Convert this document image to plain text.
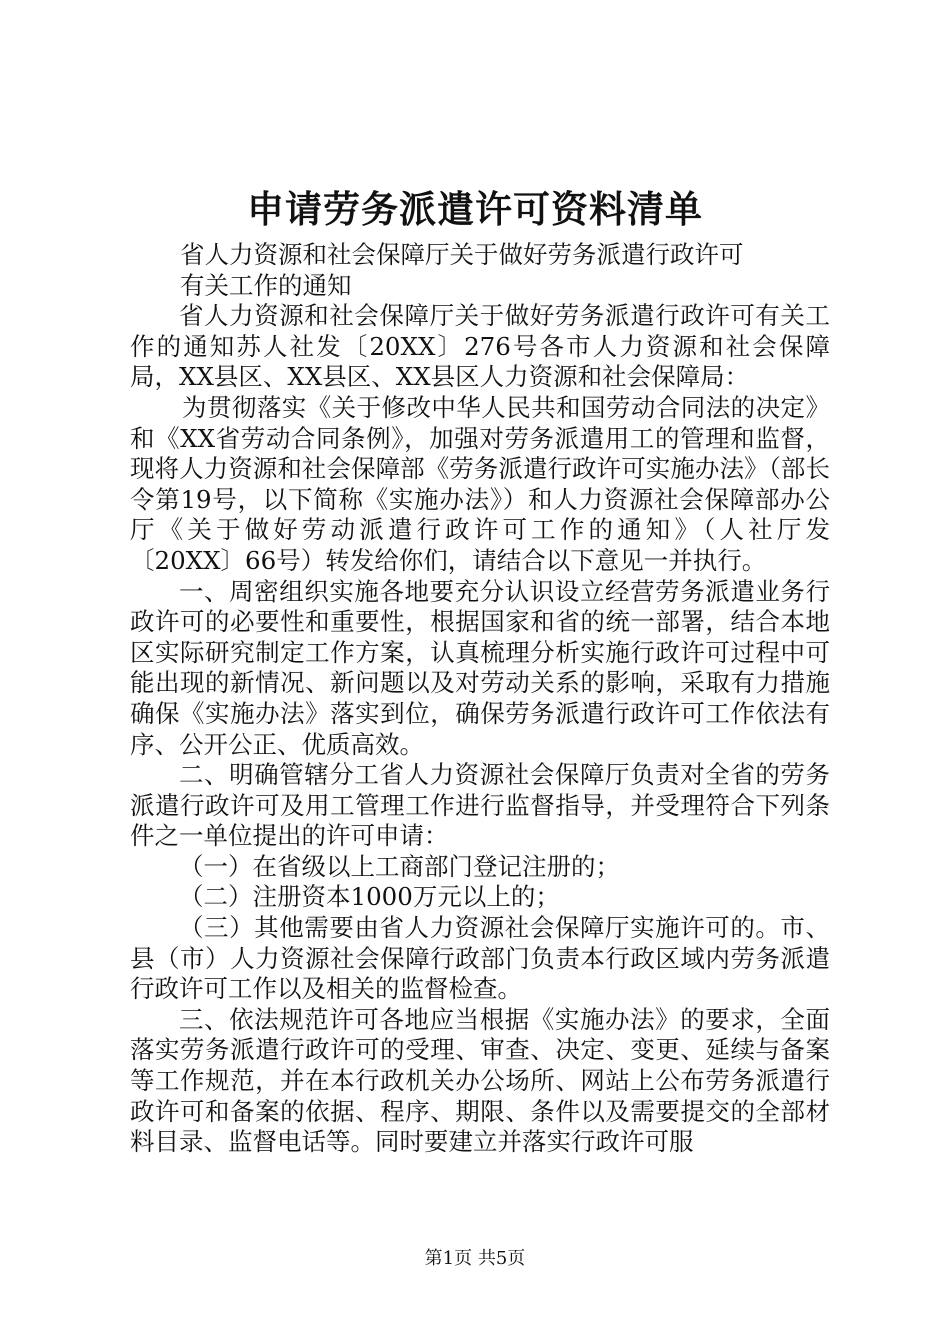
申请劳务派遣许可资料清单

省人力资源和社会保障厅关于做好劳务派遣行政许可

有关工作的通知

省人力资源和社会保障厅关于做好劳务派遣行政许可有关工作的通知苏人社发〔20XX〕276号各市人力资源和社会保障局，XX县区、XX县区、XX县区人力资源和社会保障局：

为贯彻落实《关于修改中华人民共和国劳动合同法的决定》和《XX省劳动合同条例》，加强对劳务派遣用工的管理和监督，现将人力资源和社会保障部《劳务派遣行政许可实施办法》（部长令第19号，以下简称《实施办法》）和人力资源社会保障部办公厅《关于做好劳动派遣行政许可工作的通知》（人社厅发〔20XX〕66号）转发给你们，请结合以下意见一并执行。

一、周密组织实施各地要充分认识设立经营劳务派遣业务行政许可的必要性和重要性，根据国家和省的统一部署，结合本地区实际研究制定工作方案，认真梳理分析实施行政许可过程中可能出现的新情况、新问题以及对劳动关系的影响，采取有力措施确保《实施办法》落实到位，确保劳务派遣行政许可工作依法有序、公开公正、优质高效。

二、明确管辖分工省人力资源社会保障厅负责对全省的劳务派遣行政许可及用工管理工作进行监督指导，并受理符合下列条件之一单位提出的许可申请：

（一）在省级以上工商部门登记注册的；

（二）注册资本1000万元以上的；

（三）其他需要由省人力资源社会保障厅实施许可的。市、县（市）人力资源社会保障行政部门负责本行政区域内劳务派遣行政许可工作以及相关的监督检查。

三、依法规范许可各地应当根据《实施办法》的要求，全面落实劳务派遣行政许可的受理、审查、决定、变更、延续与备案等工作规范，并在本行政机关办公场所、网站上公布劳务派遣行政许可和备案的依据、程序、期限、条件以及需要提交的全部材料目录、监督电话等。同时要建立并落实行政许可服

第1页 共5页
